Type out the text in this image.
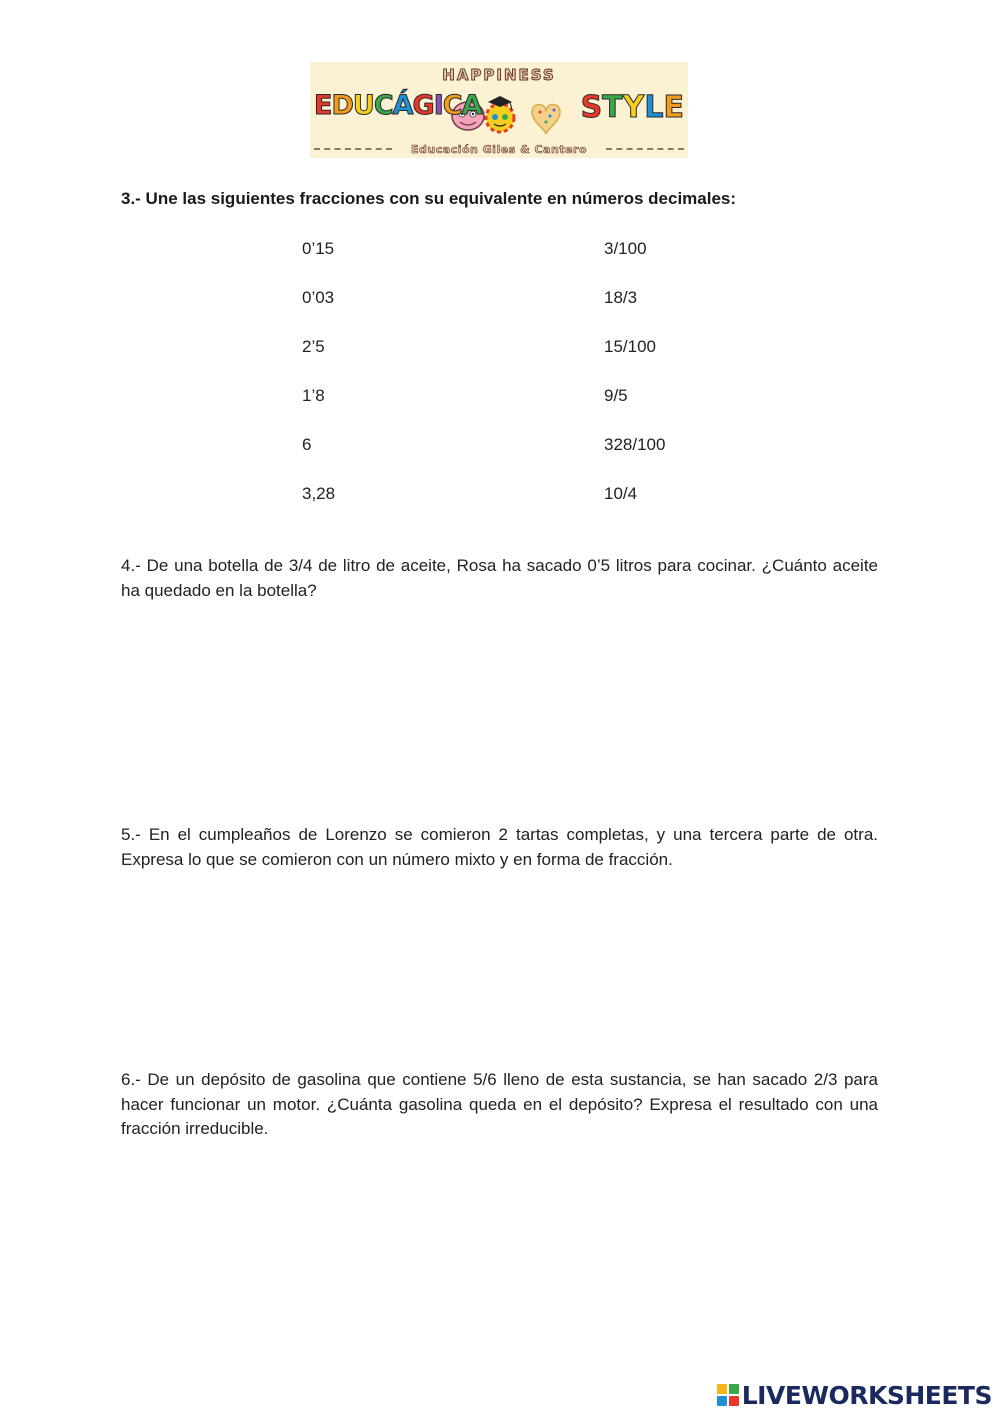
HAPPINESS
EDUCÁGICA	STYLE
Educación Giles & Cantero
3.- Une las siguientes fracciones con su equivalente en números decimales:
0’15
0’03
2’5
1’8
6
3,28
3/100
18/3
15/100
9/5
328/100
10/4
4.- De una botella de 3/4 de litro de aceite, Rosa ha sacado 0’5 litros para cocinar. ¿Cuánto aceite ha quedado en la botella?
5.- En el cumpleaños de Lorenzo se comieron 2 tartas completas, y una tercera parte de otra. Expresa lo que se comieron con un número mixto y en forma de fracción.
6.- De un depósito de gasolina que contiene 5/6 lleno de esta sustancia, se han sacado 2/3 para hacer funcionar un motor. ¿Cuánta gasolina queda en el depósito? Expresa el resultado con una fracción irreducible.
LIVEWORKSHEETS
